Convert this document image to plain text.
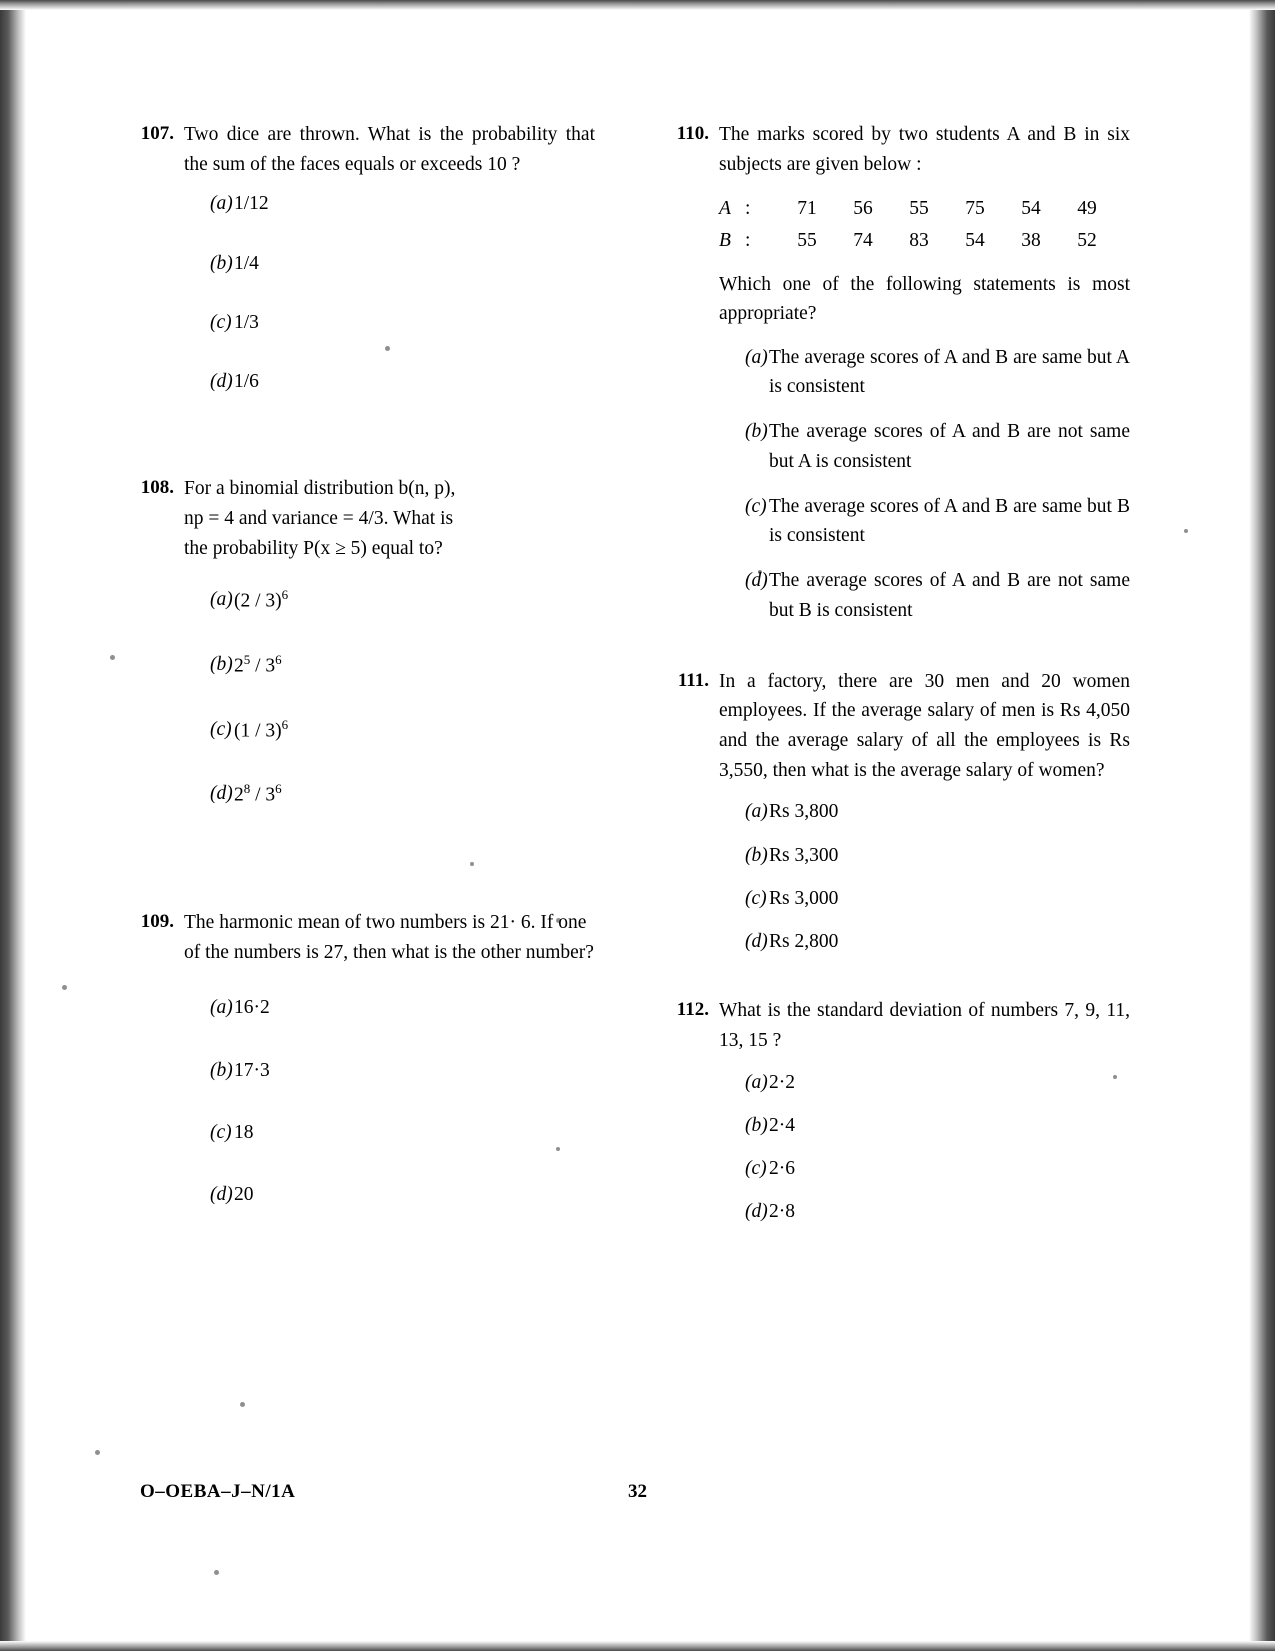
107. Two dice are thrown. What is the probability that the sum of the faces equals or exceeds 10 ?
(a) 1/12
(b) 1/4
(c) 1/3
(d) 1/6
108. For a binomial distribution b(n, p),
np = 4 and variance = 4/3. What is
the probability P(x ≥ 5) equal to?
(a) (2 / 3)$^6$
(b) $2^5 / 3^6$
(c) (1 / 3)$^6$
(d) $2^8 / 3^6$
109. The harmonic mean of two numbers is 21· 6. If one of the numbers is 27, then what is the other number?
(a) 16·2
(b) 17·3
(c) 18
(d) 20
110. The marks scored by two students A and B in six subjects are given below :
A :	71	56	55	75	54	49
B :	55	74	83	54	38	52
Which one of the following statements is most appropriate?
(a) The average scores of A and B are same but A is consistent
(b) The average scores of A and B are not same but A is consistent
(c) The average scores of A and B are same but B is consistent
(d) The average scores of A and B are not same but B is consistent
111. In a factory, there are 30 men and 20 women employees. If the average salary of men is Rs 4,050 and the average salary of all the employees is Rs 3,550, then what is the average salary of women?
(a) Rs 3,800
(b) Rs 3,300
(c) Rs 3,000
(d) Rs 2,800
112. What is the standard deviation of numbers 7, 9, 11, 13, 15 ?
(a) 2·2
(b) 2·4
(c) 2·6
(d) 2·8
O–OEBA–J–N/1A	32
